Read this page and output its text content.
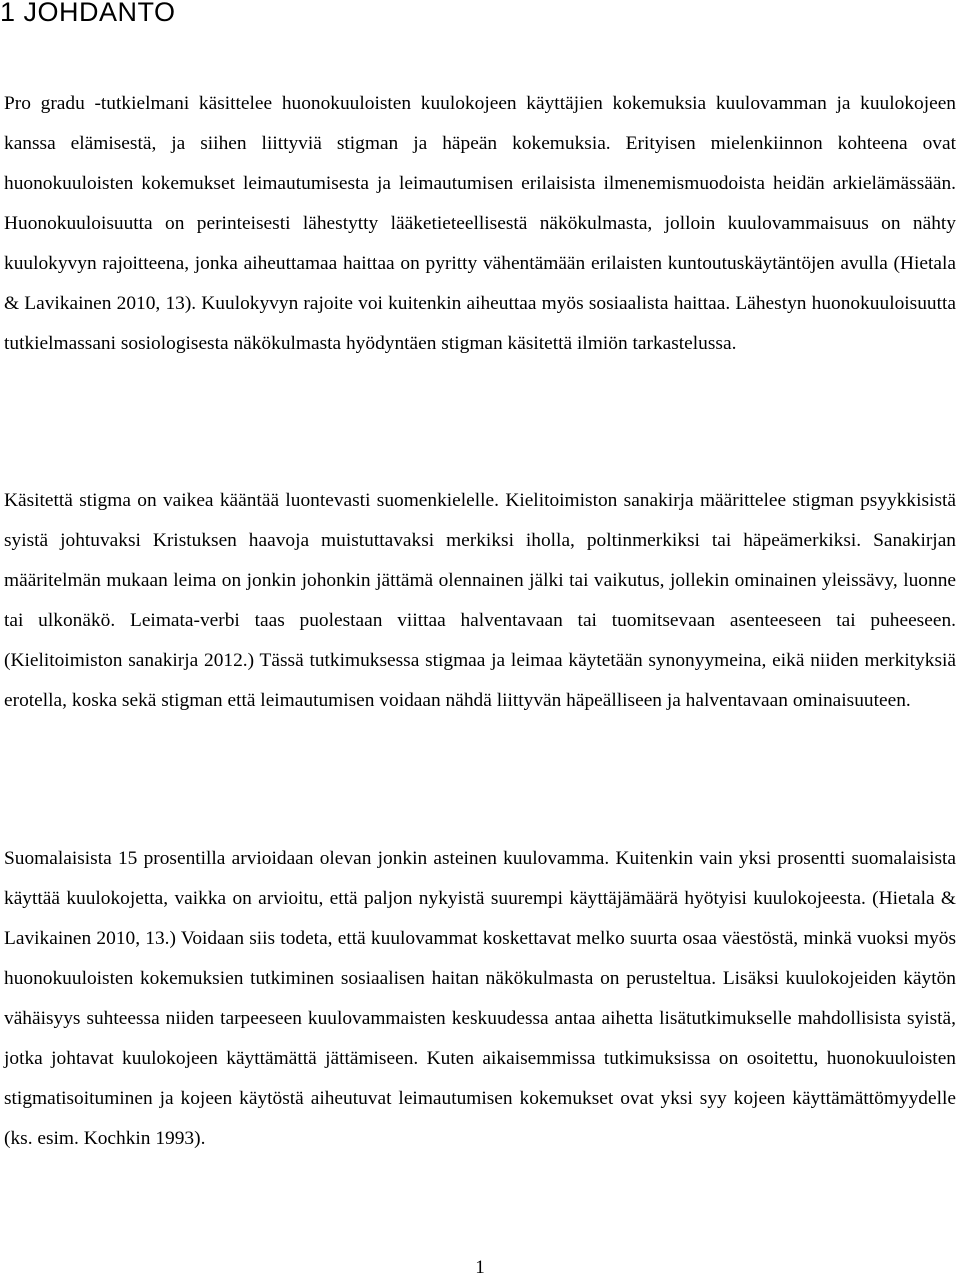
1 JOHDANTO

Pro gradu -tutkielmani käsittelee huonokuuloisten kuulokojeen käyttäjien kokemuksia kuulovamman ja kuulokojeen kanssa elämisestä, ja siihen liittyviä stigman ja häpeän kokemuksia. Erityisen mielenkiinnon kohteena ovat huonokuuloisten kokemukset leimautumisesta ja leimautumisen erilaisista ilmenemismuodoista heidän arkielämässään. Huonokuuloisuutta on perinteisesti lähestytty lääketieteellisestä näkökulmasta, jolloin kuulovammaisuus on nähty kuulokyvyn rajoitteena, jonka aiheuttamaa haittaa on pyritty vähentämään erilaisten kuntoutuskäytäntöjen avulla (Hietala & Lavikainen 2010, 13). Kuulokyvyn rajoite voi kuitenkin aiheuttaa myös sosiaalista haittaa. Lähestyn huonokuuloisuutta tutkielmassani sosiologisesta näkökulmasta hyödyntäen stigman käsitettä ilmiön tarkastelussa.

Käsitettä stigma on vaikea kääntää luontevasti suomenkielelle. Kielitoimiston sanakirja määrittelee stigman psyykkisistä syistä johtuvaksi Kristuksen haavoja muistuttavaksi merkiksi iholla, poltinmerkiksi tai häpeämerkiksi. Sanakirjan määritelmän mukaan leima on jonkin johonkin jättämä olennainen jälki tai vaikutus, jollekin ominainen yleissävy, luonne tai ulkonäkö. Leimata-verbi taas puolestaan viittaa halventavaan tai tuomitsevaan asenteeseen tai puheeseen. (Kielitoimiston sanakirja 2012.) Tässä tutkimuksessa stigmaa ja leimaa käytetään synonyymeina, eikä niiden merkityksiä erotella, koska sekä stigman että leimautumisen voidaan nähdä liittyvän häpeälliseen ja halventavaan ominaisuuteen.

Suomalaisista 15 prosentilla arvioidaan olevan jonkin asteinen kuulovamma. Kuitenkin vain yksi prosentti suomalaisista käyttää kuulokojetta, vaikka on arvioitu, että paljon nykyistä suurempi käyttäjämäärä hyötyisi kuulokojeesta. (Hietala & Lavikainen 2010, 13.) Voidaan siis todeta, että kuulovammat koskettavat melko suurta osaa väestöstä, minkä vuoksi myös huonokuuloisten kokemuksien tutkiminen sosiaalisen haitan näkökulmasta on perusteltua. Lisäksi kuulokojeiden käytön vähäisyys suhteessa niiden tarpeeseen kuulovammaisten keskuudessa antaa aihetta lisätutkimukselle mahdollisista syistä, jotka johtavat kuulokojeen käyttämättä jättämiseen. Kuten aikaisemmissa tutkimuksissa on osoitettu, huonokuuloisten stigmatisoituminen ja kojeen käytöstä aiheutuvat leimautumisen kokemukset ovat yksi syy kojeen käyttämättömyydelle (ks. esim. Kochkin 1993).

1
